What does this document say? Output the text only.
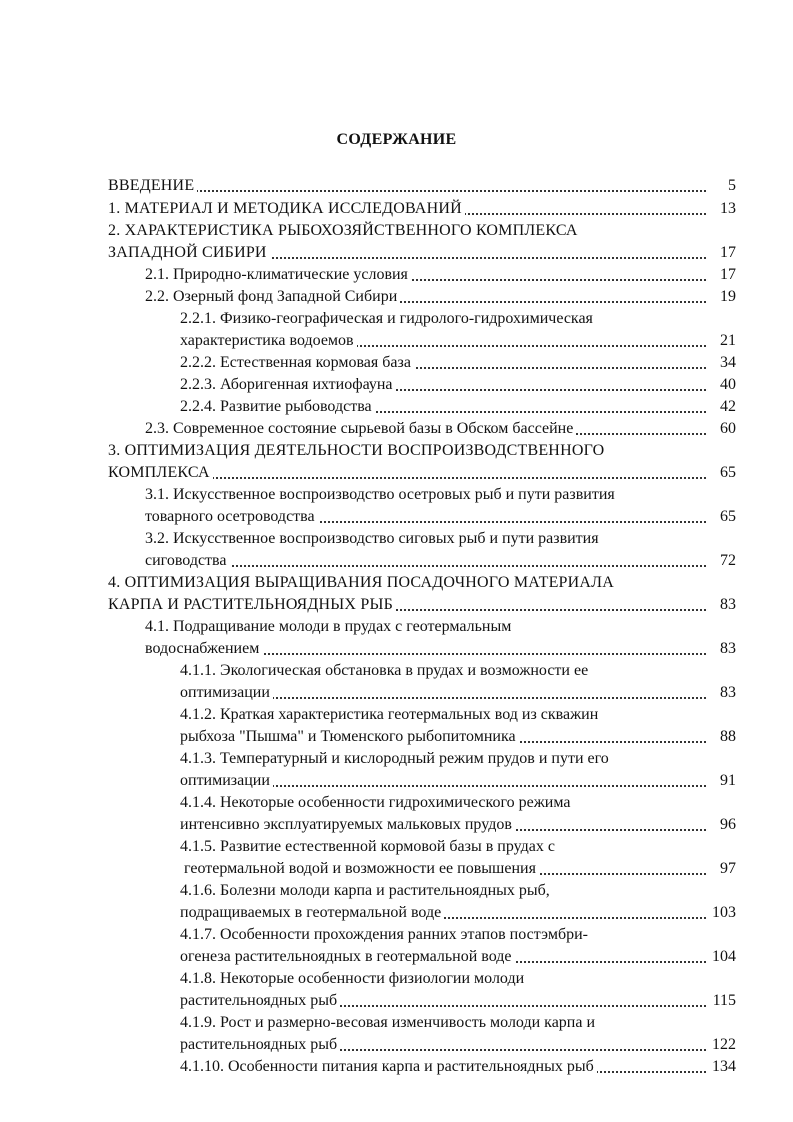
СОДЕРЖАНИЕ
ВВЕДЕНИЕ	5
1. МАТЕРИАЛ И МЕТОДИКА ИССЛЕДОВАНИЙ	13
2. ХАРАКТЕРИСТИКА РЫБОХОЗЯЙСТВЕННОГО КОМПЛЕКСА
ЗАПАДНОЙ СИБИРИ	17
2.1. Природно-климатические условия	17
2.2. Озерный фонд Западной Сибири	19
2.2.1. Физико-географическая и гидролого-гидрохимическая
характеристика водоемов	21
2.2.2. Естественная кормовая база	34
2.2.3. Аборигенная ихтиофауна	40
2.2.4. Развитие рыбоводства	42
2.3. Современное состояние сырьевой базы в Обском бассейне	60
3. ОПТИМИЗАЦИЯ ДЕЯТЕЛЬНОСТИ ВОСПРОИЗВОДСТВЕННОГО
КОМПЛЕКСА	65
3.1. Искусственное воспроизводство осетровых рыб и пути развития
товарного осетроводства	65
3.2. Искусственное воспроизводство сиговых рыб и пути развития
сиговодства	72
4. ОПТИМИЗАЦИЯ ВЫРАЩИВАНИЯ ПОСАДОЧНОГО МАТЕРИАЛА
КАРПА И РАСТИТЕЛЬНОЯДНЫХ РЫБ	83
4.1. Подращивание молоди в прудах с геотермальным
водоснабжением	83
4.1.1. Экологическая обстановка в прудах и возможности ее
оптимизации	83
4.1.2. Краткая характеристика геотермальных вод из скважин
рыбхоза "Пышма" и Тюменского рыбопитомника	88
4.1.3. Температурный и кислородный режим прудов и пути его
оптимизации	91
4.1.4. Некоторые особенности гидрохимического режима
интенсивно эксплуатируемых мальковых прудов	96
4.1.5. Развитие естественной кормовой базы в прудах с
геотермальной водой и возможности ее повышения	97
4.1.6. Болезни молоди карпа и растительноядных рыб,
подращиваемых в геотермальной воде	103
4.1.7. Особенности прохождения ранних этапов постэмбри-
огенеза растительноядных в геотермальной воде	104
4.1.8. Некоторые особенности физиологии молоди
растительноядных рыб	115
4.1.9. Рост и размерно-весовая изменчивость молоди карпа и
растительноядных рыб	122
4.1.10. Особенности питания карпа и растительноядных рыб	134
